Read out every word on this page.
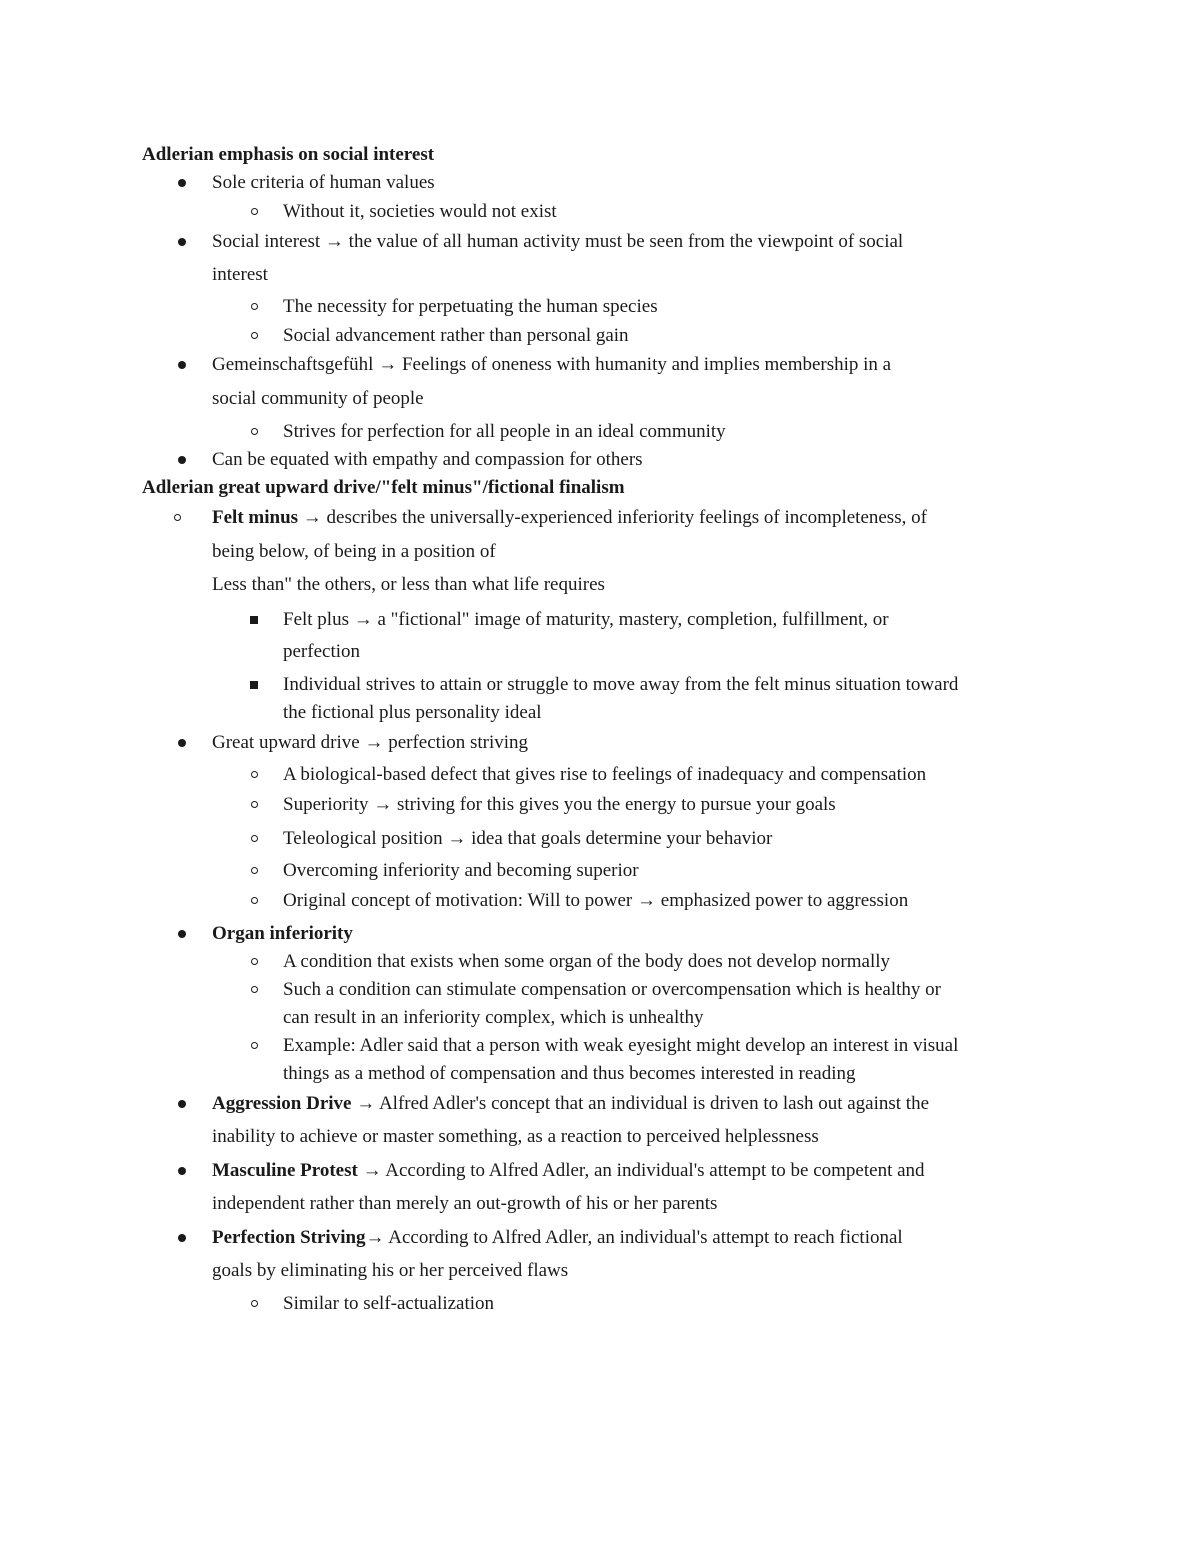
Adlerian emphasis on social interest
Sole criteria of human values
Without it, societies would not exist
Social interest → the value of all human activity must be seen from the viewpoint of social
interest
The necessity for perpetuating the human species
Social advancement rather than personal gain
Gemeinschaftsgefühl → Feelings of oneness with humanity and implies membership in a
social community of people
Strives for perfection for all people in an ideal community
Can be equated with empathy and compassion for others
Adlerian great upward drive/"felt minus"/fictional finalism
Felt minus → describes the universally-experienced inferiority feelings of incompleteness, of
being below, of being in a position of
Less than" the others, or less than what life requires
Felt plus → a "fictional" image of maturity, mastery, completion, fulfillment, or
perfection
Individual strives to attain or struggle to move away from the felt minus situation toward
the fictional plus personality ideal
Great upward drive → perfection striving
A biological-based defect that gives rise to feelings of inadequacy and compensation
Superiority → striving for this gives you the energy to pursue your goals
Teleological position → idea that goals determine your behavior
Overcoming inferiority and becoming superior
Original concept of motivation: Will to power → emphasized power to aggression
Organ inferiority
A condition that exists when some organ of the body does not develop normally
Such a condition can stimulate compensation or overcompensation which is healthy or
can result in an inferiority complex, which is unhealthy
Example: Adler said that a person with weak eyesight might develop an interest in visual
things as a method of compensation and thus becomes interested in reading
Aggression Drive → Alfred Adler's concept that an individual is driven to lash out against the
inability to achieve or master something, as a reaction to perceived helplessness
Masculine Protest → According to Alfred Adler, an individual's attempt to be competent and
independent rather than merely an out-growth of his or her parents
Perfection Striving→ According to Alfred Adler, an individual's attempt to reach fictional
goals by eliminating his or her perceived flaws
Similar to self-actualization
